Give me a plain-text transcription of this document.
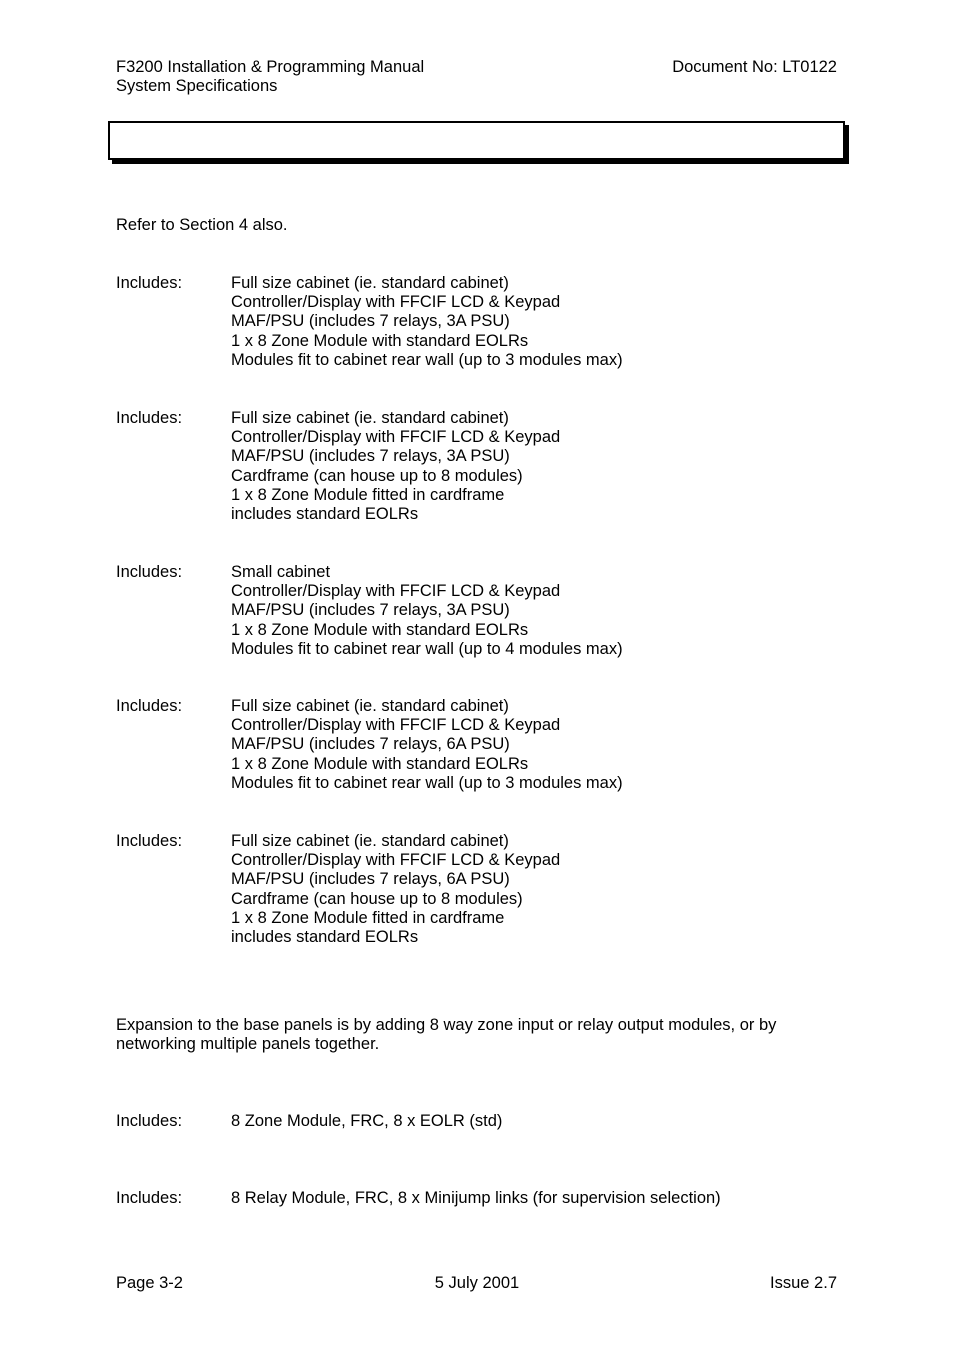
F3200 Installation & Programming Manual
System Specifications
Document No: LT0122
Refer to Section 4 also.
Includes:	Full size cabinet (ie. standard cabinet)
Controller/Display with FFCIF LCD & Keypad
MAF/PSU (includes 7 relays, 3A PSU)
1 x 8 Zone Module with standard EOLRs
Modules fit to cabinet rear wall (up to 3 modules max)
Includes:	Full size cabinet (ie. standard cabinet)
Controller/Display with FFCIF LCD & Keypad
MAF/PSU (includes 7 relays, 3A PSU)
Cardframe (can house up to 8 modules)
1 x 8 Zone Module fitted in cardframe
includes standard EOLRs
Includes:	Small cabinet
Controller/Display with FFCIF LCD & Keypad
MAF/PSU (includes 7 relays, 3A PSU)
1 x 8 Zone Module with standard EOLRs
Modules fit to cabinet rear wall (up to 4 modules max)
Includes:	Full size cabinet (ie. standard cabinet)
Controller/Display with FFCIF LCD & Keypad
MAF/PSU (includes 7 relays, 6A PSU)
1 x 8 Zone Module with standard EOLRs
Modules fit to cabinet rear wall (up to 3 modules max)
Includes:	Full size cabinet (ie. standard cabinet)
Controller/Display with FFCIF LCD & Keypad
MAF/PSU (includes 7 relays, 6A PSU)
Cardframe (can house up to 8 modules)
1 x 8 Zone Module fitted in cardframe
includes standard EOLRs
Expansion to the base panels is by adding 8 way zone input or relay output modules, or by
networking multiple panels together.
Includes:	8 Zone Module, FRC, 8 x EOLR (std)
Includes:	8 Relay Module, FRC, 8 x Minijump links (for supervision selection)
Page 3-2	5 July 2001	Issue 2.7
